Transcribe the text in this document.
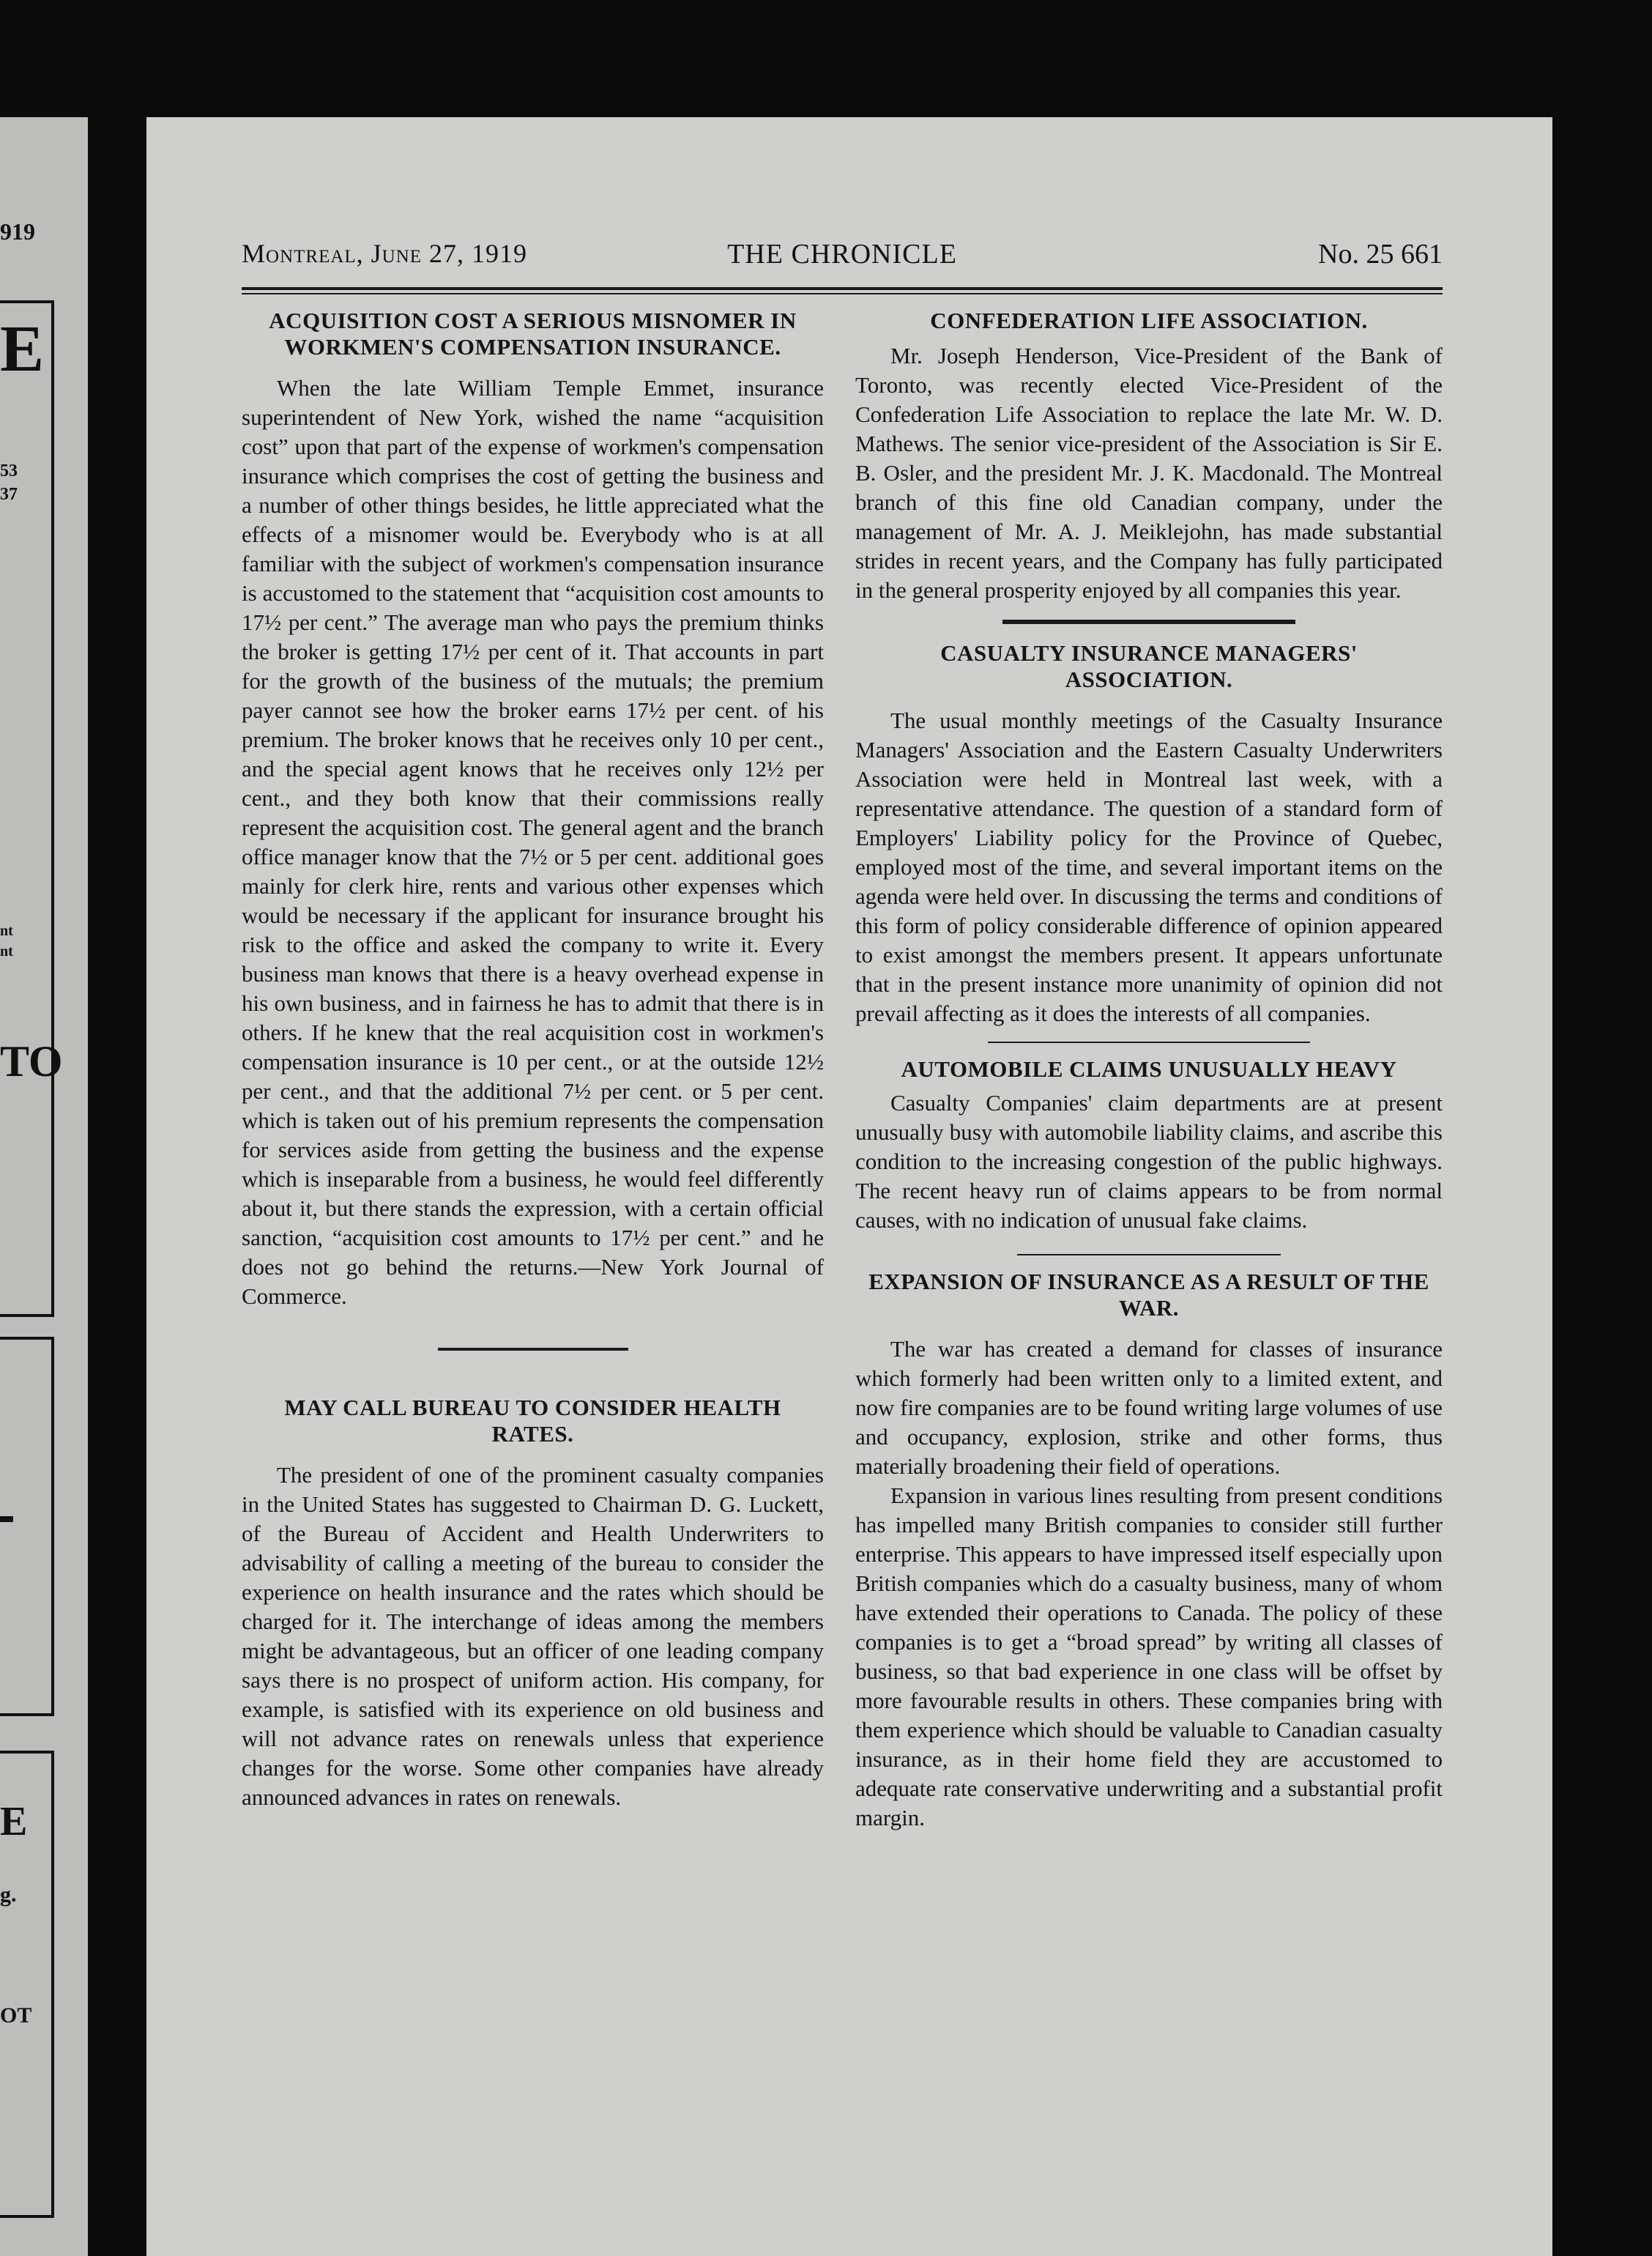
919
E
53
37
nt
nt
TO
E
g.
OT
Montreal, June 27, 1919	THE CHRONICLE	No. 25 661
ACQUISITION COST A SERIOUS MISNOMER IN WORKMEN'S COMPENSATION INSURANCE.

When the late William Temple Emmet, insurance superintendent of New York, wished the name “acquisition cost” upon that part of the expense of workmen's compensation insurance which comprises the cost of getting the business and a number of other things besides, he little appreciated what the effects of a misnomer would be. Everybody who is at all familiar with the subject of workmen's compensation insurance is accustomed to the statement that “acquisition cost amounts to 17½ per cent.” The average man who pays the premium thinks the broker is getting 17½ per cent of it. That accounts in part for the growth of the business of the mutuals; the premium payer cannot see how the broker earns 17½ per cent. of his premium. The broker knows that he receives only 10 per cent., and the special agent knows that he receives only 12½ per cent., and they both know that their commissions really represent the acquisition cost. The general agent and the branch office manager know that the 7½ or 5 per cent. additional goes mainly for clerk hire, rents and various other expenses which would be necessary if the applicant for insurance brought his risk to the office and asked the company to write it. Every business man knows that there is a heavy overhead expense in his own business, and in fairness he has to admit that there is in others. If he knew that the real acquisition cost in workmen's compensation insurance is 10 per cent., or at the outside 12½ per cent., and that the additional 7½ per cent. or 5 per cent. which is taken out of his premium represents the compensation for services aside from getting the business and the expense which is inseparable from a business, he would feel differently about it, but there stands the expression, with a certain official sanction, “acquisition cost amounts to 17½ per cent.” and he does not go behind the returns.—New York Journal of Commerce.

MAY CALL BUREAU TO CONSIDER HEALTH RATES.

The president of one of the prominent casualty companies in the United States has suggested to Chairman D. G. Luckett, of the Bureau of Accident and Health Underwriters to advisability of calling a meeting of the bureau to consider the experience on health insurance and the rates which should be charged for it. The interchange of ideas among the members might be advantageous, but an officer of one leading company says there is no prospect of uniform action. His company, for example, is satisfied with its experience on old business and will not advance rates on renewals unless that experience changes for the worse. Some other companies have already announced advances in rates on renewals.

CONFEDERATION LIFE ASSOCIATION.

Mr. Joseph Henderson, Vice-President of the Bank of Toronto, was recently elected Vice-President of the Confederation Life Association to replace the late Mr. W. D. Mathews. The senior vice-president of the Association is Sir E. B. Osler, and the president Mr. J. K. Macdonald. The Montreal branch of this fine old Canadian company, under the management of Mr. A. J. Meiklejohn, has made substantial strides in recent years, and the Company has fully participated in the general prosperity enjoyed by all companies this year.

CASUALTY INSURANCE MANAGERS' ASSOCIATION.

The usual monthly meetings of the Casualty Insurance Managers' Association and the Eastern Casualty Underwriters Association were held in Montreal last week, with a representative attendance. The question of a standard form of Employers' Liability policy for the Province of Quebec, employed most of the time, and several important items on the agenda were held over. In discussing the terms and conditions of this form of policy considerable difference of opinion appeared to exist amongst the members present. It appears unfortunate that in the present instance more unanimity of opinion did not prevail affecting as it does the interests of all companies.

AUTOMOBILE CLAIMS UNUSUALLY HEAVY

Casualty Companies' claim departments are at present unusually busy with automobile liability claims, and ascribe this condition to the increasing congestion of the public highways. The recent heavy run of claims appears to be from normal causes, with no indication of unusual fake claims.

EXPANSION OF INSURANCE AS A RESULT OF THE WAR.

The war has created a demand for classes of insurance which formerly had been written only to a limited extent, and now fire companies are to be found writing large volumes of use and occupancy, explosion, strike and other forms, thus materially broadening their field of operations.

Expansion in various lines resulting from present conditions has impelled many British companies to consider still further enterprise. This appears to have impressed itself especially upon British companies which do a casualty business, many of whom have extended their operations to Canada. The policy of these companies is to get a “broad spread” by writing all classes of business, so that bad experience in one class will be offset by more favourable results in others. These companies bring with them experience which should be valuable to Canadian casualty insurance, as in their home field they are accustomed to adequate rate conservative underwriting and a substantial profit margin.
